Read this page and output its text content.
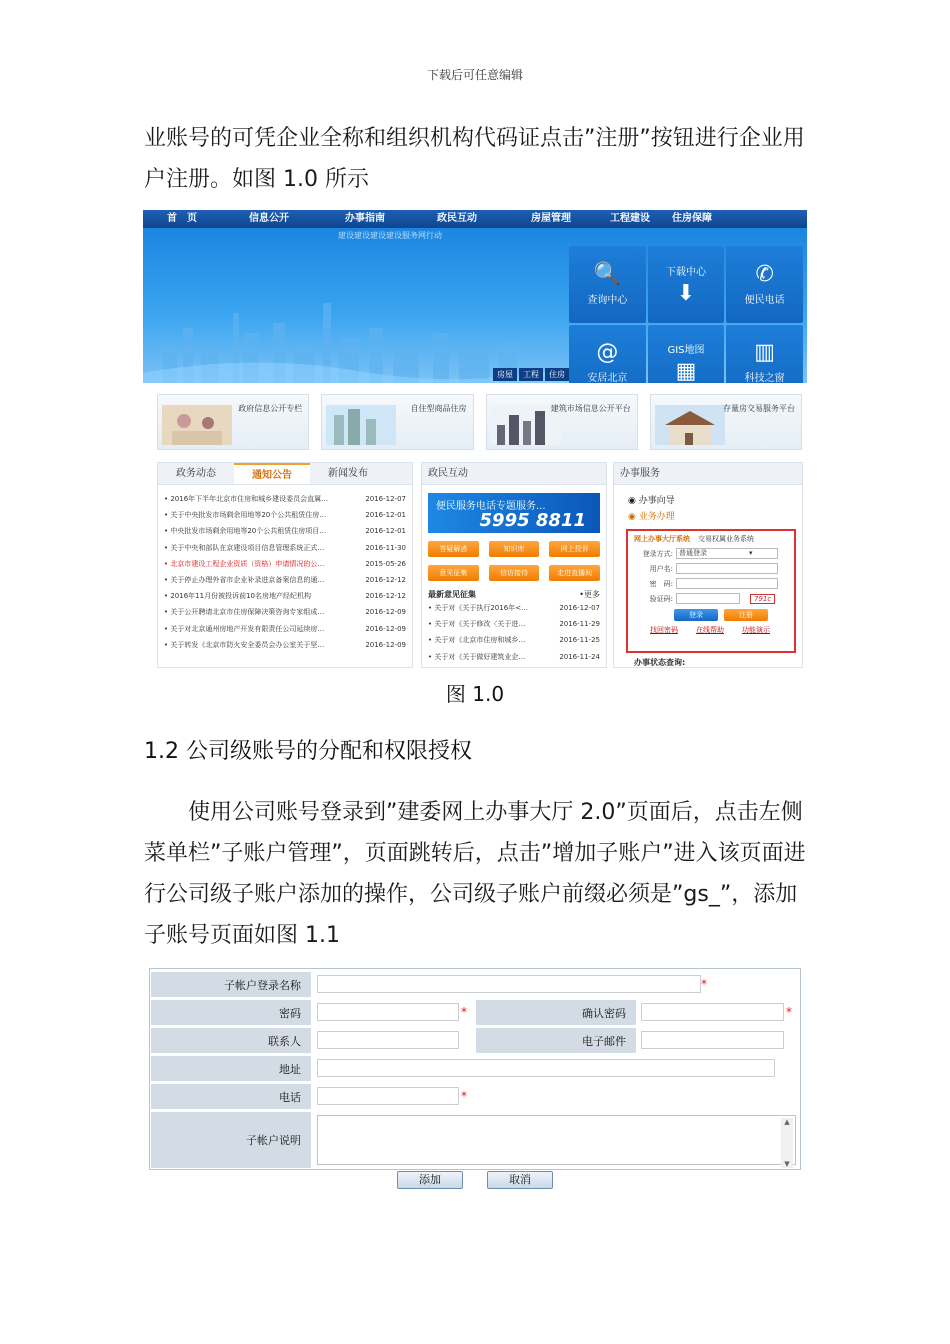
下载后可任意编辑
业账号的可凭企业全称和组织机构代码证点击”注册”按钮进行企业用户注册。如图 1.0 所示
首　页	信息公开	办事指南	政民互动	房屋管理	工程建设	住房保障
建设建设建设建设服务网行动
房屋	工程	住房
🔍
查询中心
下载中心
⬇
✆
便民电话
@
安居北京
GIS地图
▦
▥
科技之窗
政府信息公开专栏	自住型商品住房	建筑市场信息公开平台	存量房交易服务平台
政务动态	通知公告	新闻发布
• 2016年下半年北京市住房和城乡建设委员会直属…	2016-12-07
• 关于中央批发市场剩余用地等20个公共租赁住房…	2016-12-01
• 中央批发市场剩余用地等20个公共租赁住房项目…	2016-12-01
• 关于中央和部队在京建设项目信息管理系统正式…	2016-11-30
• 北京市建设工程企业资质（资格）申请情况的公…	2015-05-26
• 关于停止办理外省市企业补录进京备案信息的通…	2016-12-12
• 2016年11月份被投诉前10名房地产经纪机构	2016-12-12
• 关于公开聘请北京市住房保障决策咨询专家组成…	2016-12-09
• 关于对北京通州房地产开发有限责任公司延续房…	2016-12-09
• 关于转发《北京市防火安全委员会办公室关于坚…	2016-12-09
政民互动
便民服务电话专题服务...
5995 8811
答疑解惑	知识库	网上投诉
意见征集	信访接待	走进直播间
最新意见征集	•更多
• 关于对《关于执行2016年<…	2016-12-07
• 关于对《关于修改〈关于进…	2016-11-29
• 关于对《北京市住房和城乡…	2016-11-25
• 关于对《关于做好建筑业企…	2016-11-24
办事服务
◉ 办事向导
◉ 业务办理
网上办事大厅系统 交易权属业务系统
登录方式: 普通登录　　　　　　▾
用户名:
密　码:
验证码:	791c
登录	注册
找回密码	在线帮助	功能演示
办事状态查询:
图 1.0
1.2 公司级账号的分配和权限授权
使用公司账号登录到”建委网上办事大厅 2.0”页面后，点击左侧菜单栏”子账户管理”，页面跳转后，点击”增加子账户”进入该页面进行公司级子账户添加的操作，公司级子账户前缀必须是”gs_”，添加子账号页面如图 1.1
子帐户登录名称	*
密码	*	确认密码	*
联系人	电子邮件
地址
电话	*
子帐户说明
▲
▼
添加	取消
